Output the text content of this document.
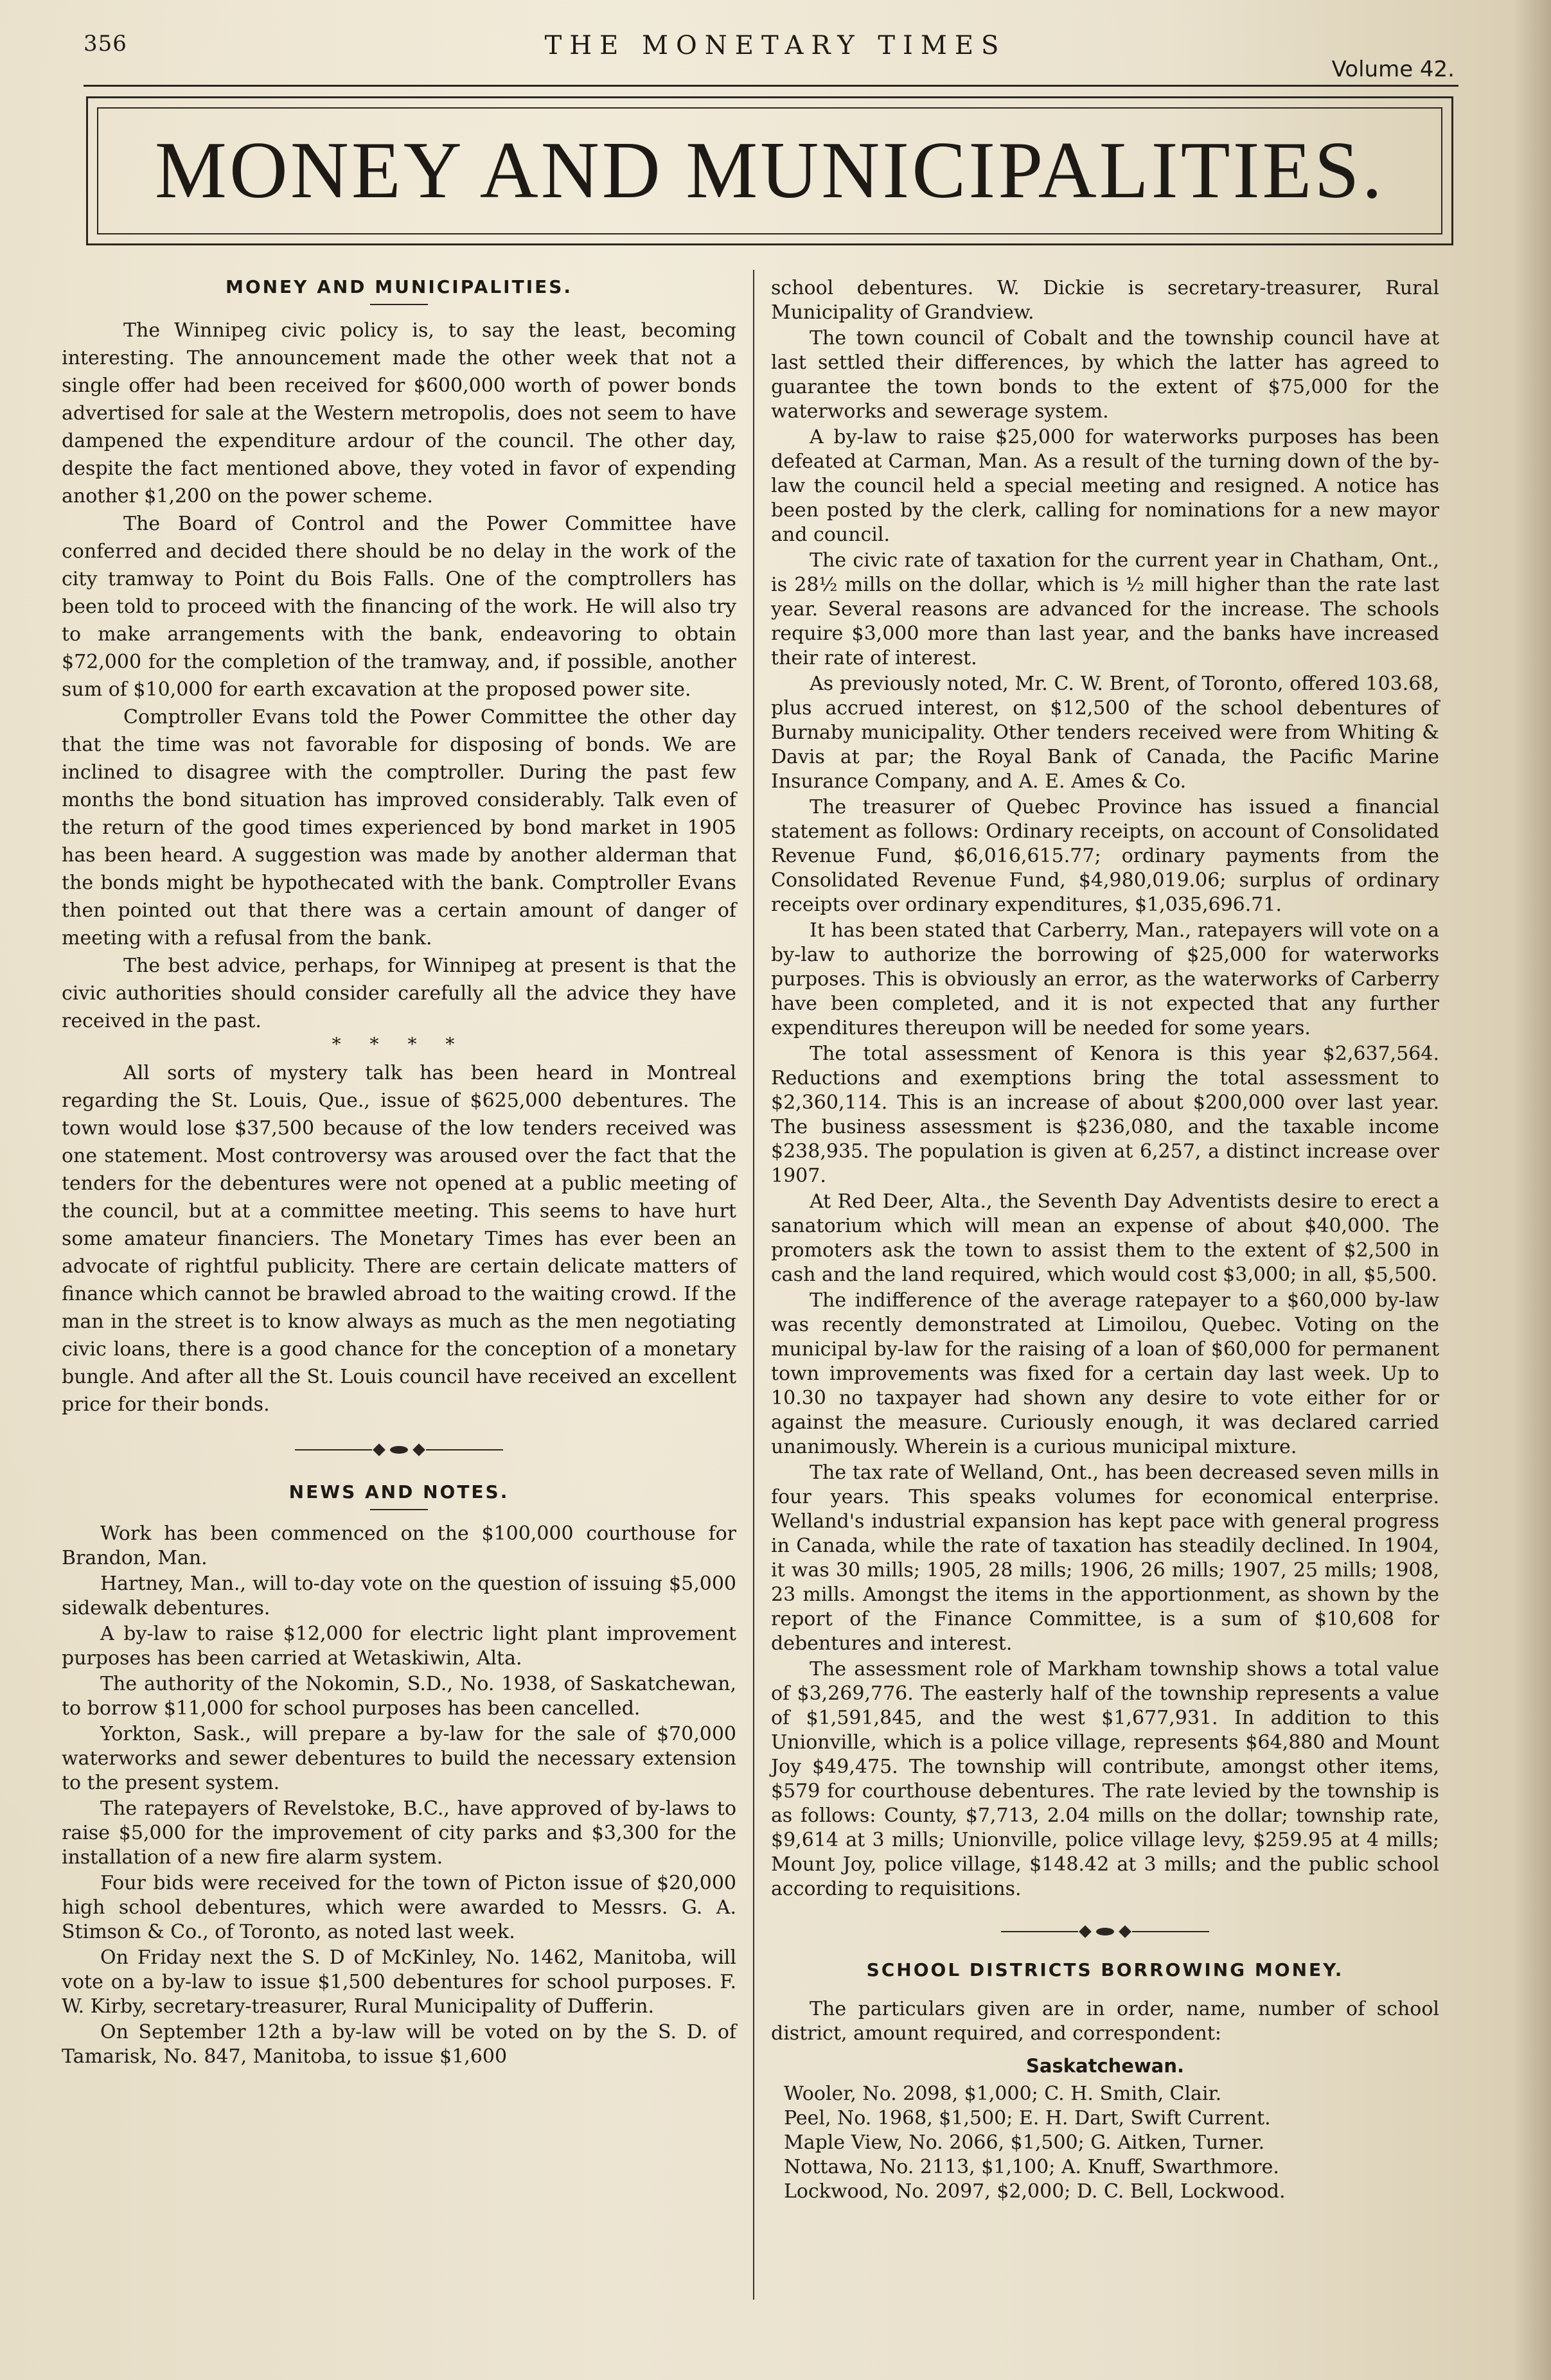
356	THE MONETARY TIMES
Volume 42.
MONEY AND MUNICIPALITIES.
MONEY AND MUNICIPALITIES.

The Winnipeg civic policy is, to say the least, becoming interesting. The announcement made the other week that not a single offer had been received for $600,000 worth of power bonds advertised for sale at the Western metropolis, does not seem to have dampened the expenditure ardour of the council. The other day, despite the fact mentioned above, they voted in favor of expending another $1,200 on the power scheme.

The Board of Control and the Power Committee have conferred and decided there should be no delay in the work of the city tramway to Point du Bois Falls. One of the comptrollers has been told to proceed with the financing of the work. He will also try to make arrangements with the bank, endeavoring to obtain $72,000 for the completion of the tramway, and, if possible, another sum of $10,000 for earth excavation at the proposed power site.

Comptroller Evans told the Power Committee the other day that the time was not favorable for disposing of bonds. We are inclined to disagree with the comptroller. During the past few months the bond situation has improved considerably. Talk even of the return of the good times experienced by bond market in 1905 has been heard. A suggestion was made by another alderman that the bonds might be hypothecated with the bank. Comptroller Evans then pointed out that there was a certain amount of danger of meeting with a refusal from the bank.

The best advice, perhaps, for Winnipeg at present is that the civic authorities should consider carefully all the advice they have received in the past.

* * * *

All sorts of mystery talk has been heard in Montreal regarding the St. Louis, Que., issue of $625,000 debentures. The town would lose $37,500 because of the low tenders received was one statement. Most controversy was aroused over the fact that the tenders for the debentures were not opened at a public meeting of the council, but at a committee meeting. This seems to have hurt some amateur financiers. The Monetary Times has ever been an advocate of rightful publicity. There are certain delicate matters of finance which cannot be brawled abroad to the waiting crowd. If the man in the street is to know always as much as the men negotiating civic loans, there is a good chance for the conception of a monetary bungle. And after all the St. Louis council have received an excellent price for their bonds.

NEWS AND NOTES.

Work has been commenced on the $100,000 courthouse for Brandon, Man.

Hartney, Man., will to-day vote on the question of issuing $5,000 sidewalk debentures.

A by-law to raise $12,000 for electric light plant improvement purposes has been carried at Wetaskiwin, Alta.

The authority of the Nokomin, S.D., No. 1938, of Saskatchewan, to borrow $11,000 for school purposes has been cancelled.

Yorkton, Sask., will prepare a by-law for the sale of $70,000 waterworks and sewer debentures to build the necessary extension to the present system.

The ratepayers of Revelstoke, B.C., have approved of by-laws to raise $5,000 for the improvement of city parks and $3,300 for the installation of a new fire alarm system.

Four bids were received for the town of Picton issue of $20,000 high school debentures, which were awarded to Messrs. G. A. Stimson & Co., of Toronto, as noted last week.

On Friday next the S. D of McKinley, No. 1462, Manitoba, will vote on a by-law to issue $1,500 debentures for school purposes. F. W. Kirby, secretary-treasurer, Rural Municipality of Dufferin.

On September 12th a by-law will be voted on by the S. D. of Tamarisk, No. 847, Manitoba, to issue $1,600

school debentures. W. Dickie is secretary-treasurer, Rural Municipality of Grandview.

The town council of Cobalt and the township council have at last settled their differences, by which the latter has agreed to guarantee the town bonds to the extent of $75,000 for the waterworks and sewerage system.

A by-law to raise $25,000 for waterworks purposes has been defeated at Carman, Man. As a result of the turning down of the by-law the council held a special meeting and resigned. A notice has been posted by the clerk, calling for nominations for a new mayor and council.

The civic rate of taxation for the current year in Chatham, Ont., is 28½ mills on the dollar, which is ½ mill higher than the rate last year. Several reasons are advanced for the increase. The schools require $3,000 more than last year, and the banks have increased their rate of interest.

As previously noted, Mr. C. W. Brent, of Toronto, offered 103.68, plus accrued interest, on $12,500 of the school debentures of Burnaby municipality. Other tenders received were from Whiting & Davis at par; the Royal Bank of Canada, the Pacific Marine Insurance Company, and A. E. Ames & Co.

The treasurer of Quebec Province has issued a financial statement as follows: Ordinary receipts, on account of Consolidated Revenue Fund, $6,016,615.77; ordinary payments from the Consolidated Revenue Fund, $4,980,019.06; surplus of ordinary receipts over ordinary expenditures, $1,035,696.71.

It has been stated that Carberry, Man., ratepayers will vote on a by-law to authorize the borrowing of $25,000 for waterworks purposes. This is obviously an error, as the waterworks of Carberry have been completed, and it is not expected that any further expenditures thereupon will be needed for some years.

The total assessment of Kenora is this year $2,637,564. Reductions and exemptions bring the total assessment to $2,360,114. This is an increase of about $200,000 over last year. The business assessment is $236,080, and the taxable income $238,935. The population is given at 6,257, a distinct increase over 1907.

At Red Deer, Alta., the Seventh Day Adventists desire to erect a sanatorium which will mean an expense of about $40,000. The promoters ask the town to assist them to the extent of $2,500 in cash and the land required, which would cost $3,000; in all, $5,500.

The indifference of the average ratepayer to a $60,000 by-law was recently demonstrated at Limoilou, Quebec. Voting on the municipal by-law for the raising of a loan of $60,000 for permanent town improvements was fixed for a certain day last week. Up to 10.30 no taxpayer had shown any desire to vote either for or against the measure. Curiously enough, it was declared carried unanimously. Wherein is a curious municipal mixture.

The tax rate of Welland, Ont., has been decreased seven mills in four years. This speaks volumes for economical enterprise. Welland's industrial expansion has kept pace with general progress in Canada, while the rate of taxation has steadily declined. In 1904, it was 30 mills; 1905, 28 mills; 1906, 26 mills; 1907, 25 mills; 1908, 23 mills. Amongst the items in the apportionment, as shown by the report of the Finance Committee, is a sum of $10,608 for debentures and interest.

The assessment role of Markham township shows a total value of $3,269,776. The easterly half of the township represents a value of $1,591,845, and the west $1,677,931. In addition to this Unionville, which is a police village, represents $64,880 and Mount Joy $49,475. The township will contribute, amongst other items, $579 for courthouse debentures. The rate levied by the township is as follows: County, $7,713, 2.04 mills on the dollar; township rate, $9,614 at 3 mills; Unionville, police village levy, $259.95 at 4 mills; Mount Joy, police village, $148.42 at 3 mills; and the public school according to requisitions.

SCHOOL DISTRICTS BORROWING MONEY.

The particulars given are in order, name, number of school district, amount required, and correspondent:

Saskatchewan.

Wooler, No. 2098, $1,000; C. H. Smith, Clair.

Peel, No. 1968, $1,500; E. H. Dart, Swift Current.

Maple View, No. 2066, $1,500; G. Aitken, Turner.

Nottawa, No. 2113, $1,100; A. Knuff, Swarthmore.

Lockwood, No. 2097, $2,000; D. C. Bell, Lockwood.
